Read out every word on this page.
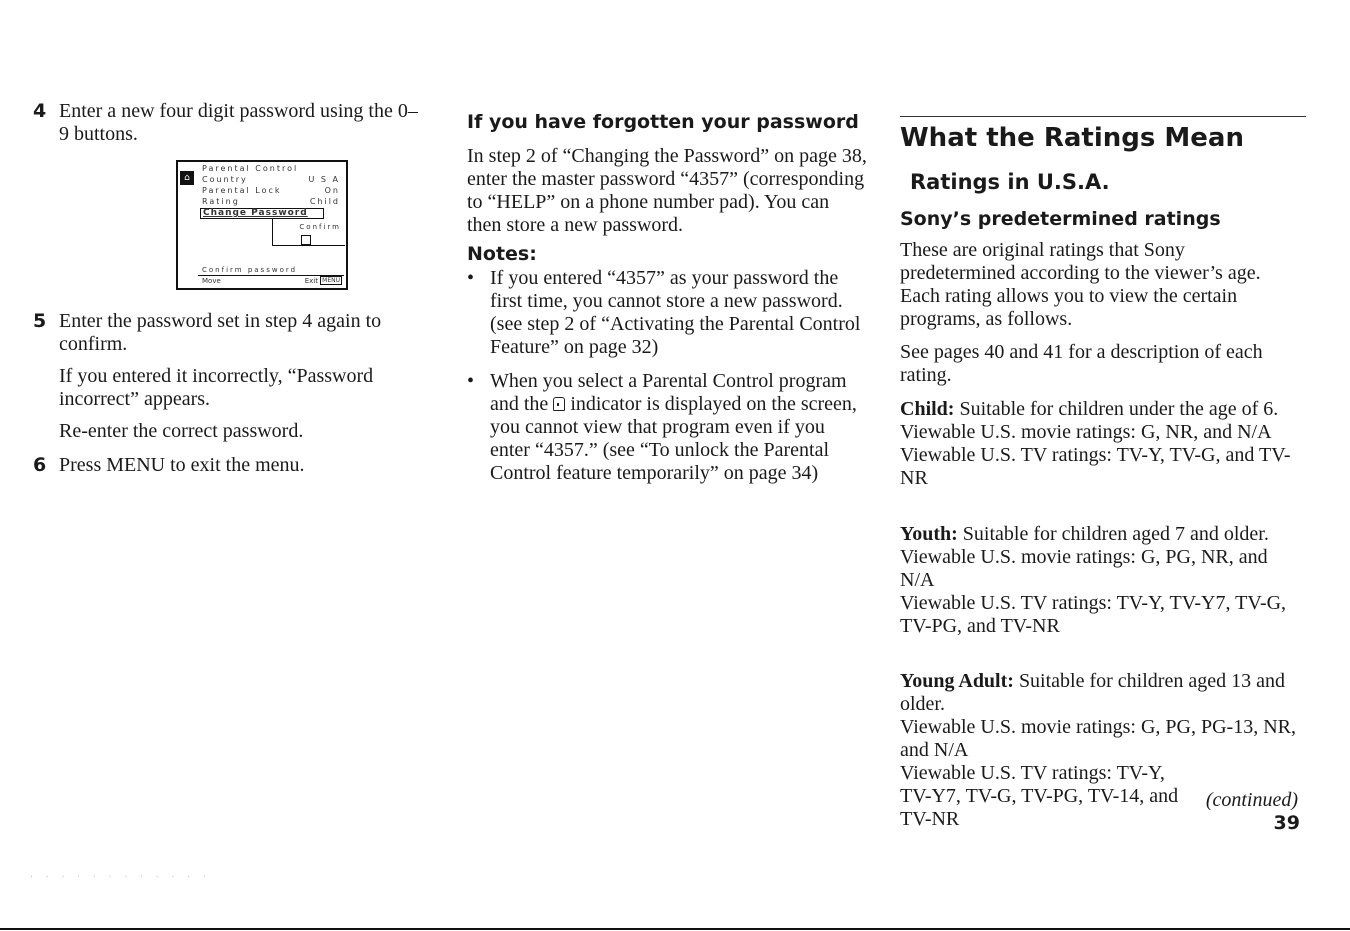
4 Enter a new four digit password using the 0–9 buttons.

⌂
Parental Control
Country	U S A
Parental Lock	On
Rating	Child
Change Password
Confirm
Confirm password
Move	Exit MENU
5 Enter the password set in step 4 again to confirm.

If you entered it incorrectly, “Password incorrect” appears.

Re-enter the correct password.

6 Press MENU to exit the menu.

If you have forgotten your password

In step 2 of “Changing the Password” on page 38, enter the master password “4357” (corresponding to “HELP” on a phone number pad). You can then store a new password.

Notes:
• If you entered “4357” as your password the first time, you cannot store a new password. (see step 2 of “Activating the Parental Control Feature” on page 32)
• When you select a Parental Control program and the indicator is displayed on the screen, you cannot view that program even if you enter “4357.” (see “To unlock the Parental Control feature temporarily” on page 34)
What the Ratings Mean
Ratings in U.S.A.
Sony’s predetermined ratings

These are original ratings that Sony predetermined according to the viewer’s age. Each rating allows you to view the certain programs, as follows.

See pages 40 and 41 for a description of each rating.

Child: Suitable for children under the age of 6.

Viewable U.S. movie ratings: G, NR, and N/A

Viewable U.S. TV ratings: TV-Y, TV-G, and TV-NR

Youth: Suitable for children aged 7 and older.

Viewable U.S. movie ratings: G, PG, NR, and N/A

Viewable U.S. TV ratings: TV-Y, TV-Y7, TV-G, TV-PG, and TV-NR

Young Adult: Suitable for children aged 13 and older.

Viewable U.S. movie ratings: G, PG, PG-13, NR, and N/A

Viewable U.S. TV ratings: TV-Y, TV-Y7, TV-G, TV-PG, TV-14, and TV-NR

(continued)
39
. . . . . . . . . . . .
